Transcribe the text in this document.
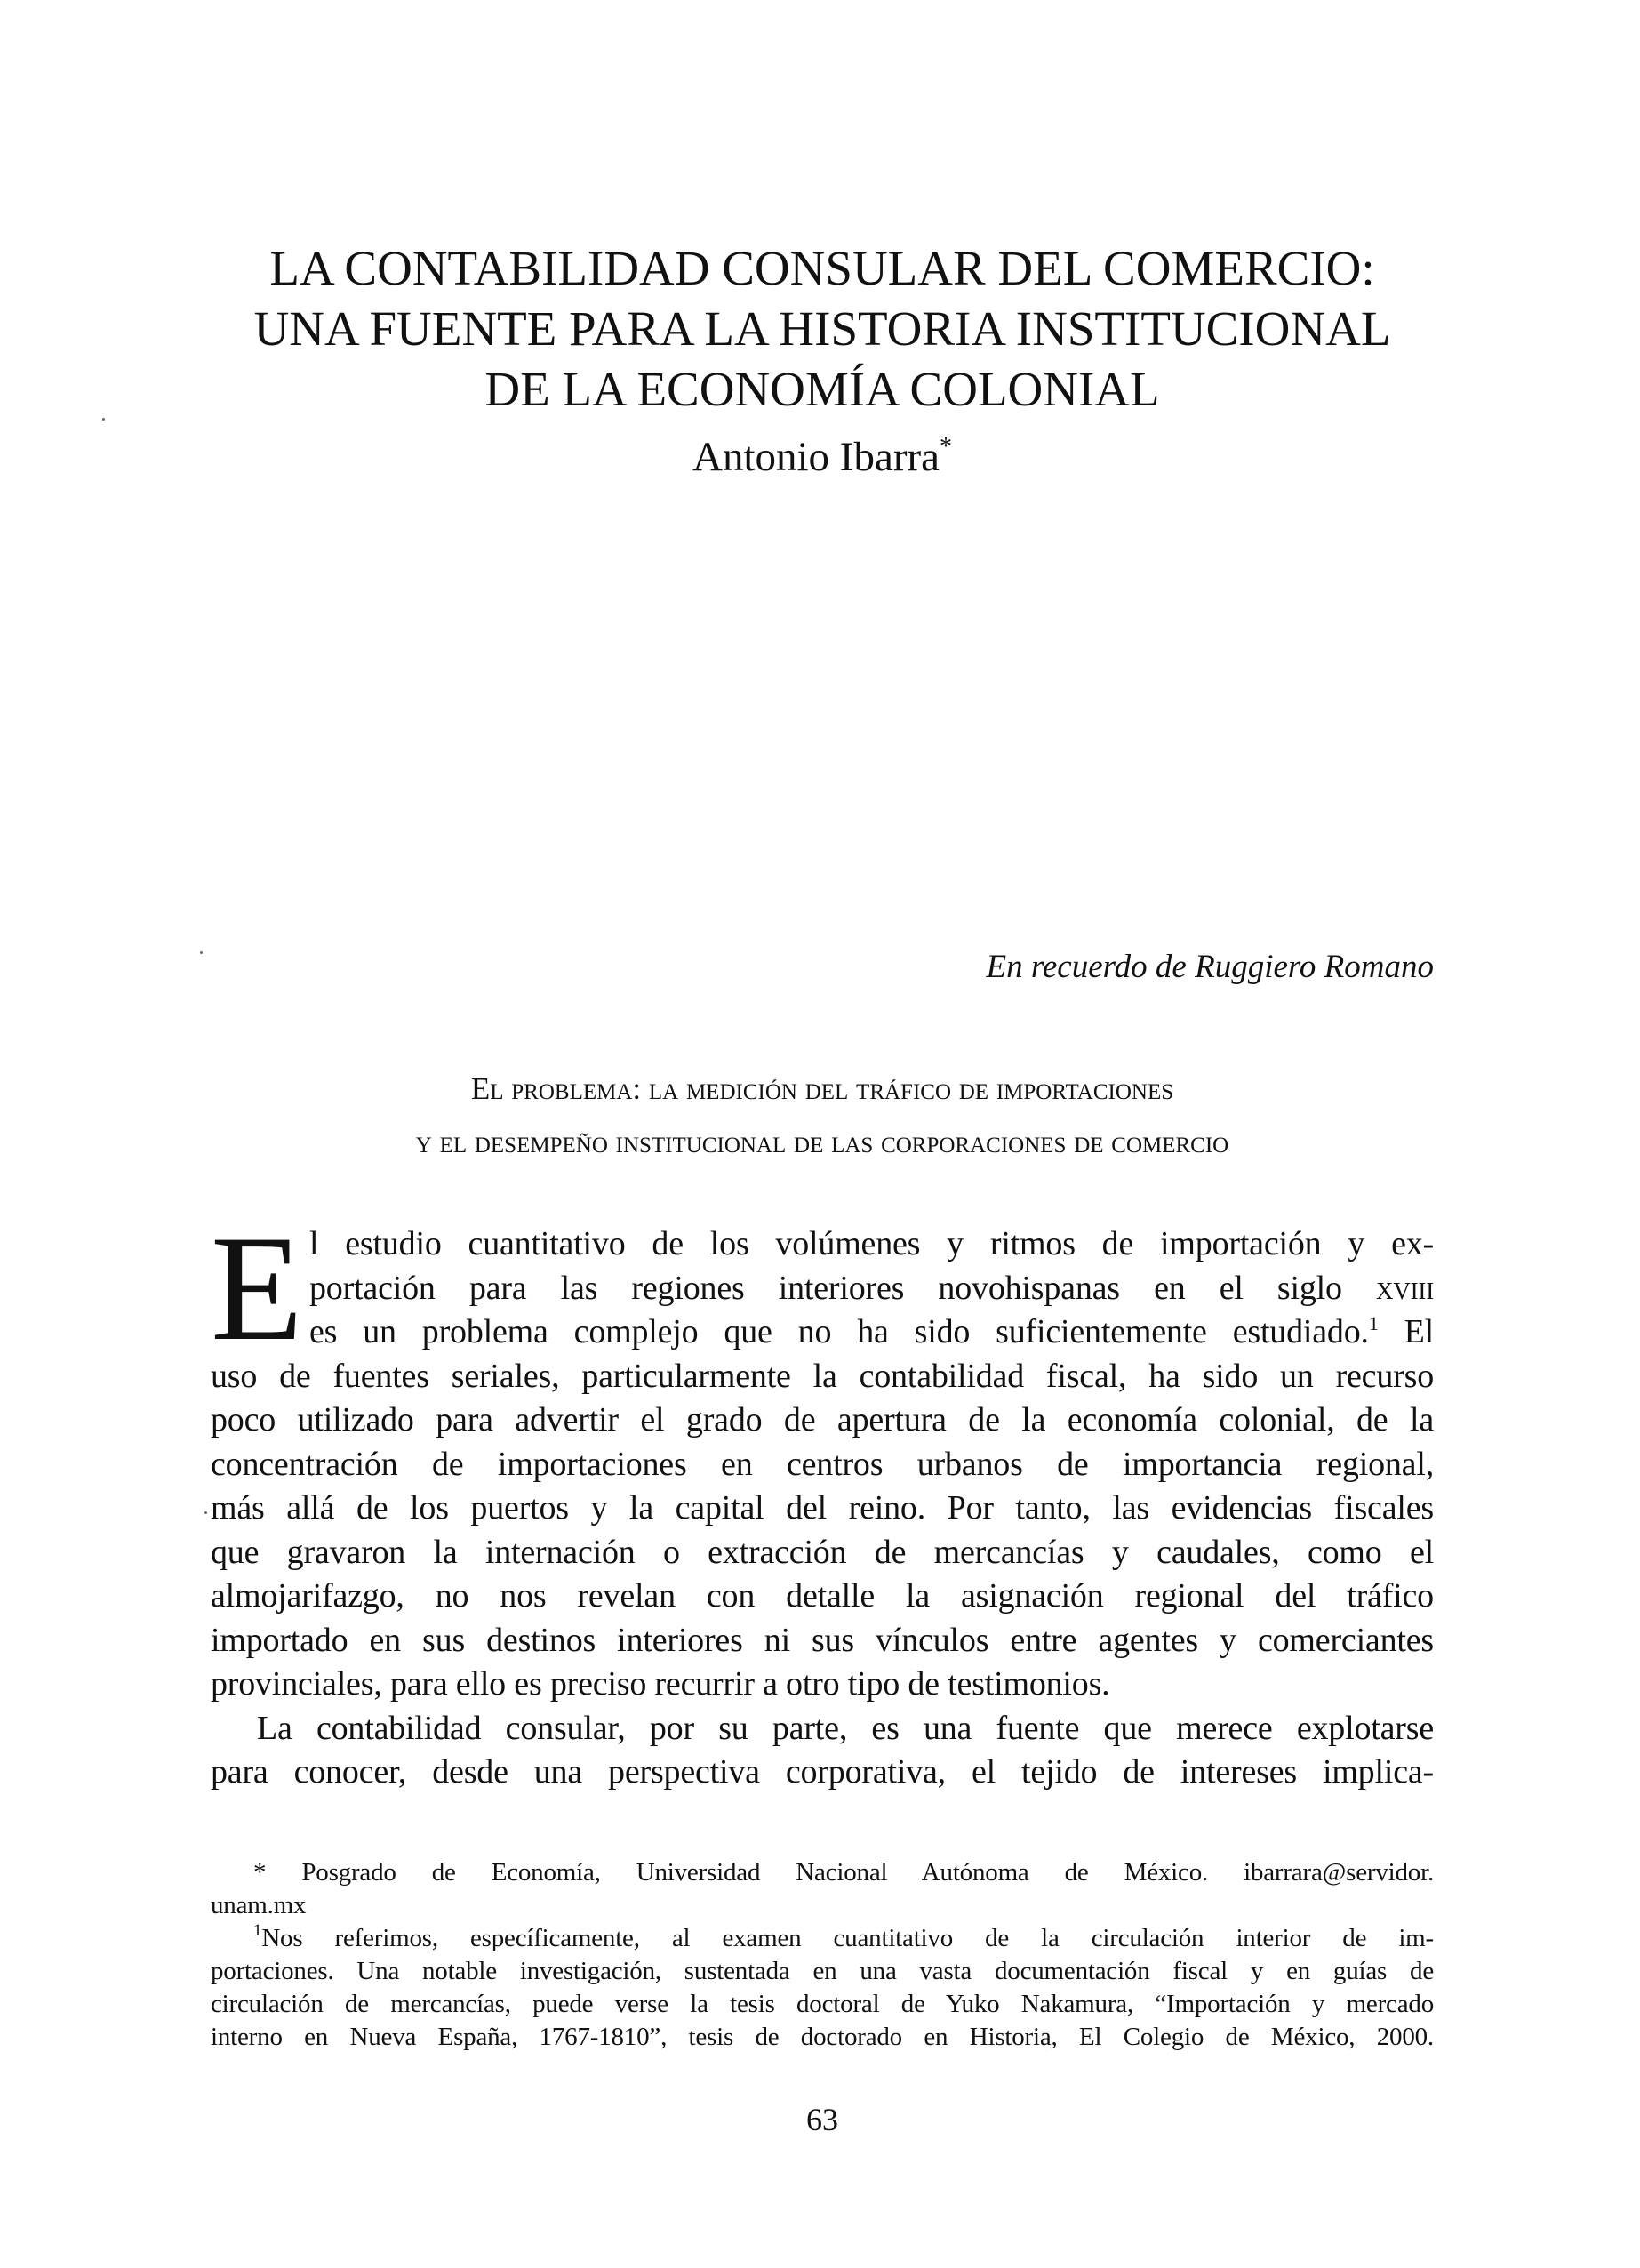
LA CONTABILIDAD CONSULAR DEL COMERCIO:
UNA FUENTE PARA LA HISTORIA INSTITUCIONAL
DE LA ECONOMÍA COLONIAL
Antonio Ibarra*
En recuerdo de Ruggiero Romano
El problema: la medición del tráfico de importaciones
y el desempeño institucional de las corporaciones de comercio
E l estudio cuantitativo de los volúmenes y ritmos de importación y ex-
portación para las regiones interiores novohispanas en el siglo xviii
es un problema complejo que no ha sido suficientemente estudiado.$^1$ El
uso de fuentes seriales, particularmente la contabilidad fiscal, ha sido un recurso
poco utilizado para advertir el grado de apertura de la economía colonial, de la
concentración de importaciones en centros urbanos de importancia regional,
más allá de los puertos y la capital del reino. Por tanto, las evidencias fiscales
que gravaron la internación o extracción de mercancías y caudales, como el
almojarifazgo, no nos revelan con detalle la asignación regional del tráfico
importado en sus destinos interiores ni sus vínculos entre agentes y comerciantes
provinciales, para ello es preciso recurrir a otro tipo de testimonios.
La contabilidad consular, por su parte, es una fuente que merece explotarse
para conocer, desde una perspectiva corporativa, el tejido de intereses implica-
* Posgrado de Economía, Universidad Nacional Autónoma de México. ibarrara@servidor.
unam.mx
$^1$Nos referimos, específicamente, al examen cuantitativo de la circulación interior de im-
portaciones. Una notable investigación, sustentada en una vasta documentación fiscal y en guías de
circulación de mercancías, puede verse la tesis doctoral de Yuko Nakamura, “Importación y mercado
interno en Nueva España, 1767-1810”, tesis de doctorado en Historia, El Colegio de México, 2000.
63
